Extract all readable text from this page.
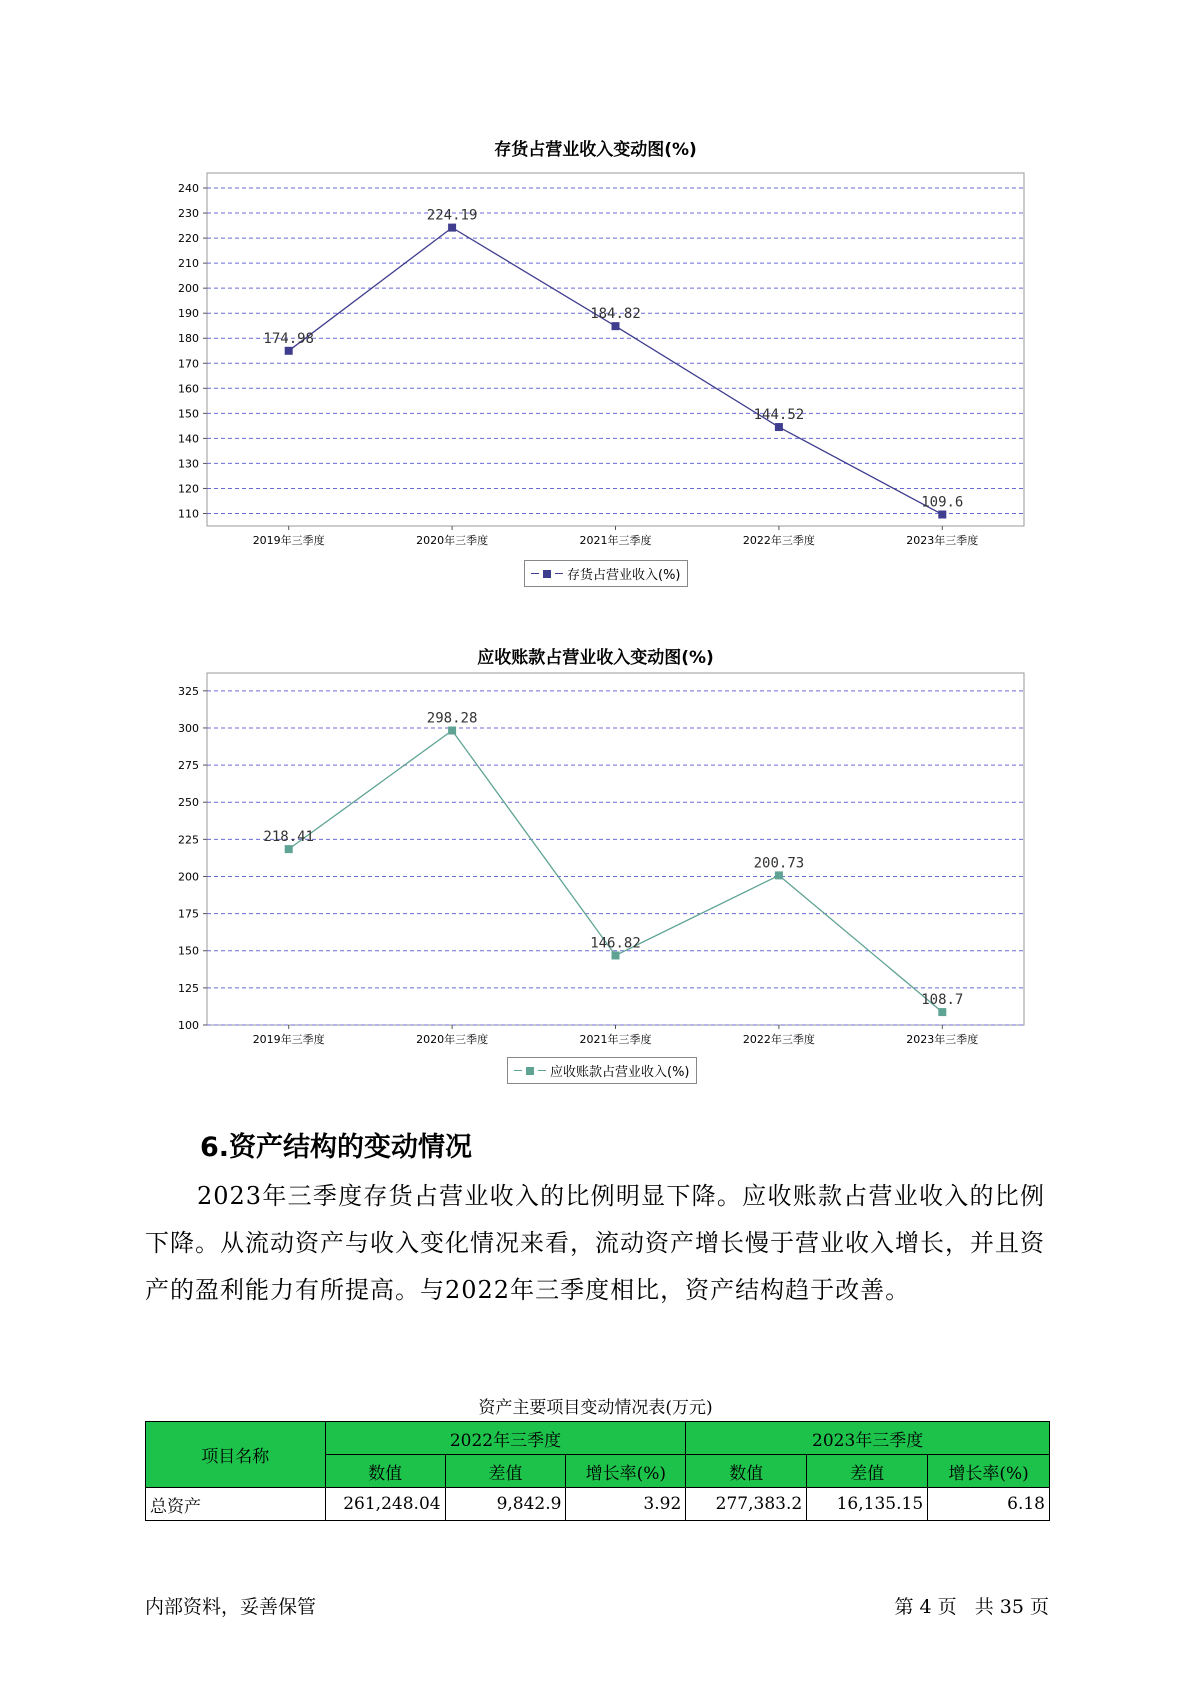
存货占营业收入变动图(%)
110
120
130
140
150
160
170
180
190
200
210
220
230
240
2019年三季度	2020年三季度	2021年三季度	2022年三季度	2023年三季度
174.98
224.19
184.82
144.52
109.6
存货占营业收入(%)
应收账款占营业收入变动图(%)
100
125
150
175
200
225
250
275
300
325
2019年三季度	2020年三季度	2021年三季度	2022年三季度	2023年三季度
218.41
298.28
146.82
200.73
108.7
应收账款占营业收入(%)
6.资产结构的变动情况
2023年三季度存货占营业收入的比例明显下降。应收账款占营业收入的比例下降。从流动资产与收入变化情况来看，流动资产增长慢于营业收入增长，并且资产的盈利能力有所提高。与2022年三季度相比，资产结构趋于改善。
资产主要项目变动情况表(万元)
项目名称	2022年三季度			2023年三季度		
	数值	差值	增长率(%)	数值	差值	增长率(%)
总资产	261,248.04	9,842.9	3.92	277,383.2	16,135.15	6.18
内部资料，妥善保管	第 4 页   共 35 页
